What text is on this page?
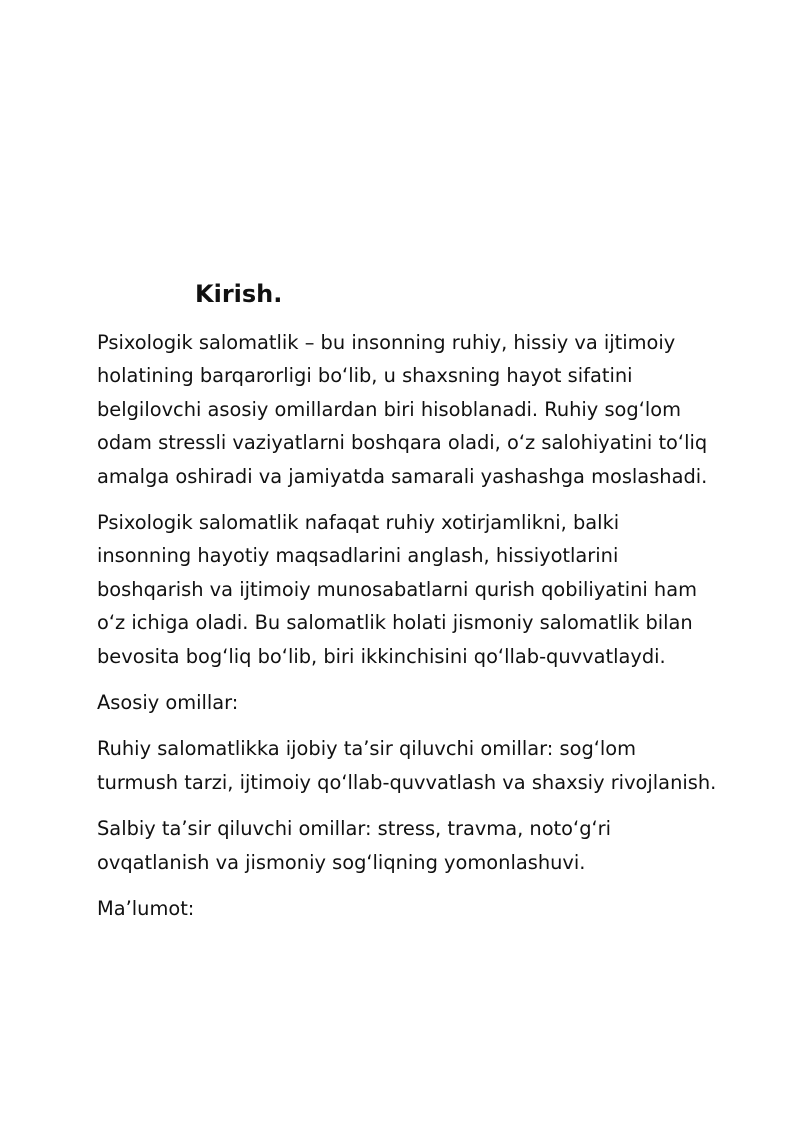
Kirish.

Psixologik salomatlik – bu insonning ruhiy, hissiy va ijtimoiy holatining barqarorligi bo‘lib, u shaxsning hayot sifatini belgilovchi asosiy omillardan biri hisoblanadi. Ruhiy sog‘lom odam stressli vaziyatlarni boshqara oladi, o‘z salohiyatini to‘liq amalga oshiradi va jamiyatda samarali yashashga moslashadi.

Psixologik salomatlik nafaqat ruhiy xotirjamlikni, balki insonning hayotiy maqsadlarini anglash, hissiyotlarini boshqarish va ijtimoiy munosabatlarni qurish qobiliyatini ham o‘z ichiga oladi. Bu salomatlik holati jismoniy salomatlik bilan bevosita bog‘liq bo‘lib, biri ikkinchisini qo‘llab-quvvatlaydi.

Asosiy omillar:

Ruhiy salomatlikka ijobiy ta’sir qiluvchi omillar: sog‘lom turmush tarzi, ijtimoiy qo‘llab-quvvatlash va shaxsiy rivojlanish.

Salbiy ta’sir qiluvchi omillar: stress, travma, noto‘g‘ri ovqatlanish va jismoniy sog‘liqning yomonlashuvi.

Ma’lumot:
